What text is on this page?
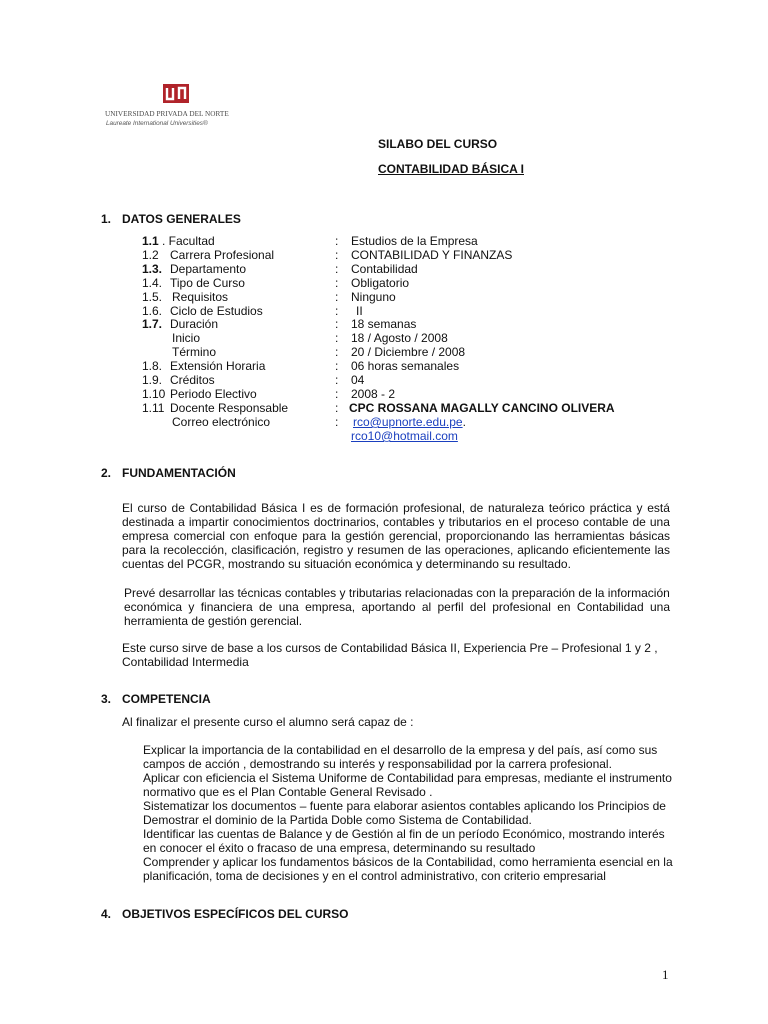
UNIVERSIDAD PRIVADA DEL NORTE
Laureate International Universities®
SILABO DEL CURSO
CONTABILIDAD BÁSICA I
1. DATOS GENERALES
1.1 . Facultad	: Estudios de la Empresa
1.2 Carrera Profesional	: CONTABILIDAD Y FINANZAS
1.3. Departamento	: Contabilidad
1.4. Tipo de Curso	: Obligatorio
1.5. Requisitos	: Ninguno
1.6. Ciclo de Estudios	: II
1.7. Duración	: 18 semanas
Inicio	: 18 / Agosto / 2008
Término	: 20 / Diciembre / 2008
1.8. Extensión Horaria	: 06 horas semanales
1.9. Créditos	: 04
1.10 Periodo Electivo	: 2008 - 2
1.11 Docente Responsable	: CPC ROSSANA MAGALLY CANCINO OLIVERA
Correo electrónico	: rco@upnorte.edu.pe.
rco10@hotmail.com
2. FUNDAMENTACIÓN
El curso de Contabilidad Básica I es de formación profesional, de naturaleza teórico práctica y está
destinada a impartir conocimientos doctrinarios, contables y tributarios en el proceso contable de una
empresa comercial con enfoque para la gestión gerencial, proporcionando las herramientas básicas
para la recolección, clasificación, registro y resumen de las operaciones, aplicando eficientemente las
cuentas del PCGR, mostrando su situación económica y determinando su resultado.
Prevé desarrollar las técnicas contables y tributarias relacionadas con la preparación de la información
económica y financiera de una empresa, aportando al perfil del profesional en Contabilidad una
herramienta de gestión gerencial.
Este curso sirve de base a los cursos de Contabilidad Básica II, Experiencia Pre – Profesional 1 y 2 ,
Contabilidad Intermedia
3. COMPETENCIA
Al finalizar el presente curso el alumno será capaz de :
Explicar la importancia de la contabilidad en el desarrollo de la empresa y del país, así como sus
campos de acción , demostrando su interés y responsabilidad por la carrera profesional.
Aplicar con eficiencia el Sistema Uniforme de Contabilidad para empresas, mediante el instrumento
normativo que es el Plan Contable General Revisado .
Sistematizar los documentos – fuente para elaborar asientos contables aplicando los Principios de
Demostrar el dominio de la Partida Doble como Sistema de Contabilidad.
Identificar las cuentas de Balance y de Gestión al fin de un período Económico, mostrando interés
en conocer el éxito o fracaso de una empresa, determinando su resultado
Comprender y aplicar los fundamentos básicos de la Contabilidad, como herramienta esencial en la
planificación, toma de decisiones y en el control administrativo, con criterio empresarial
4. OBJETIVOS ESPECÍFICOS DEL CURSO
1
